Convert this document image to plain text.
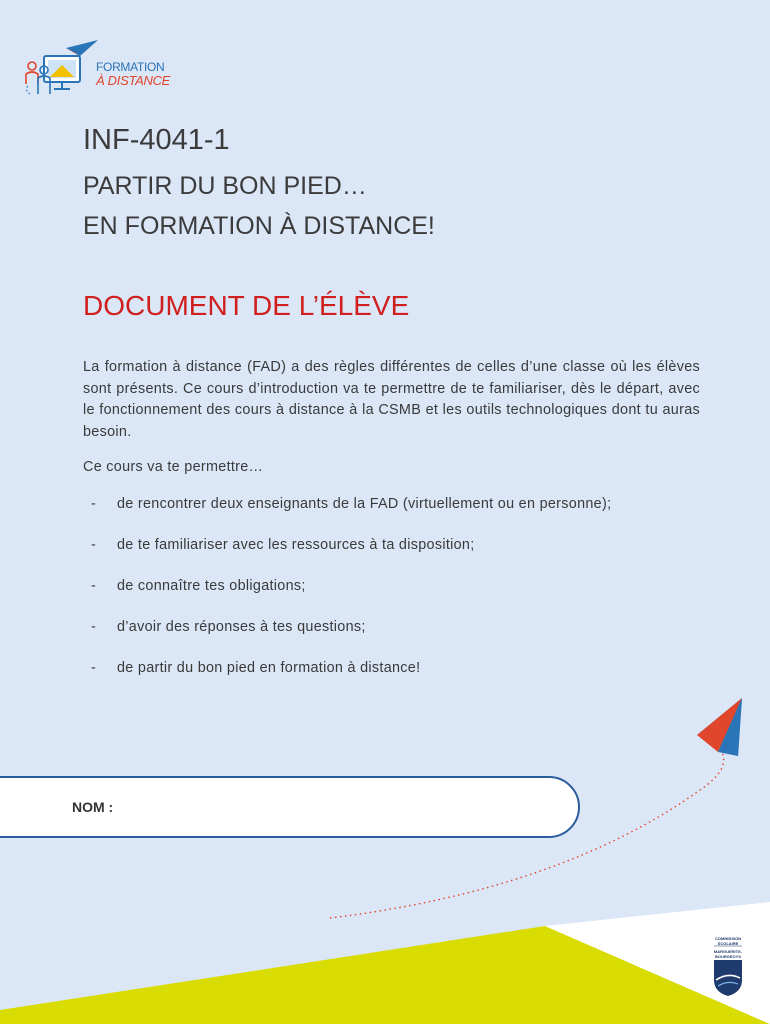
FORMATION
À DISTANCE
INF-4041-1
PARTIR DU BON PIED…
EN FORMATION À DISTANCE!
DOCUMENT DE L’ÉLÈVE

La formation à distance (FAD) a des règles différentes de celles d’une classe où les élèves sont présents. Ce cours d’introduction va te permettre de te familiariser, dès le départ, avec le fonctionnement des cours à distance à la CSMB et les outils technologiques dont tu auras besoin.

Ce cours va te permettre…

- de rencontrer deux enseignants de la FAD (virtuellement ou en personne);
- de te familiariser avec les ressources à ta disposition;
- de connaître tes obligations;
- d’avoir des réponses à tes questions;
- de partir du bon pied en formation à distance!
NOM :
COMMISSION
SCOLAIRE
MARGUERITE-
BOURGEOYS
